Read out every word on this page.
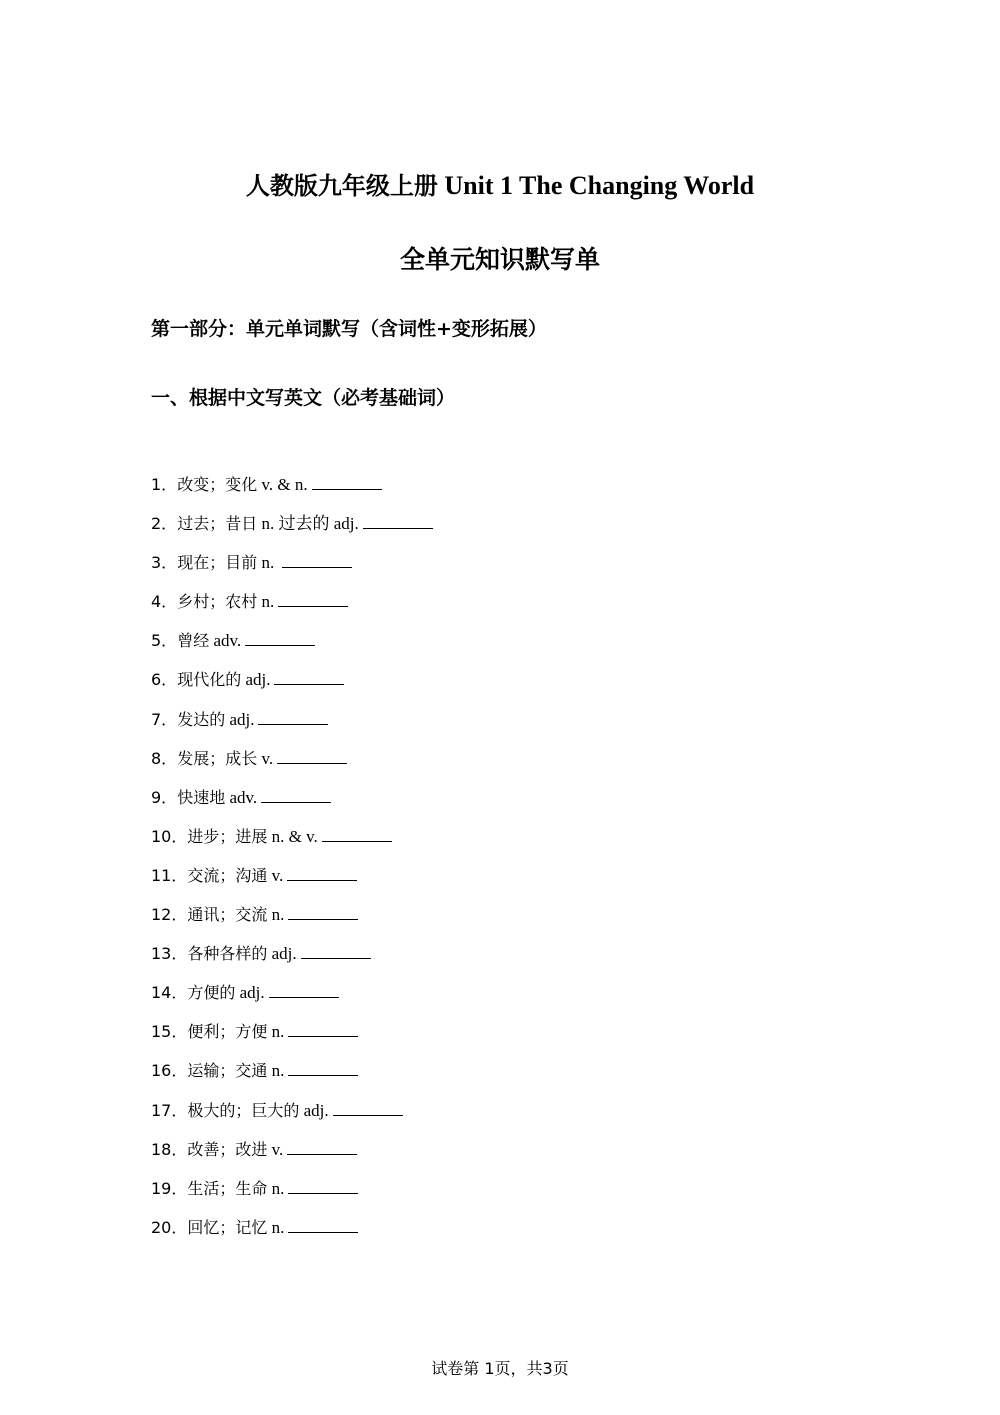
人教版九年级上册 Unit 1 The Changing World
全单元知识默写单
第一部分：单元单词默写（含词性+变形拓展）
一、根据中文写英文（必考基础词）
1．改变；变化 v. & n.
2．过去；昔日 n. 过去的 adj.
3．现在；目前 n.
4．乡村；农村 n.
5．曾经 adv.
6．现代化的 adj.
7．发达的 adj.
8．发展；成长 v.
9．快速地 adv.
10．进步；进展 n. & v.
11．交流；沟通 v.
12．通讯；交流 n.
13．各种各样的 adj.
14．方便的 adj.
15．便利；方便 n.
16．运输；交通 n.
17．极大的；巨大的 adj.
18．改善；改进 v.
19．生活；生命 n.
20．回忆；记忆 n.
试卷第 1页，共3页
